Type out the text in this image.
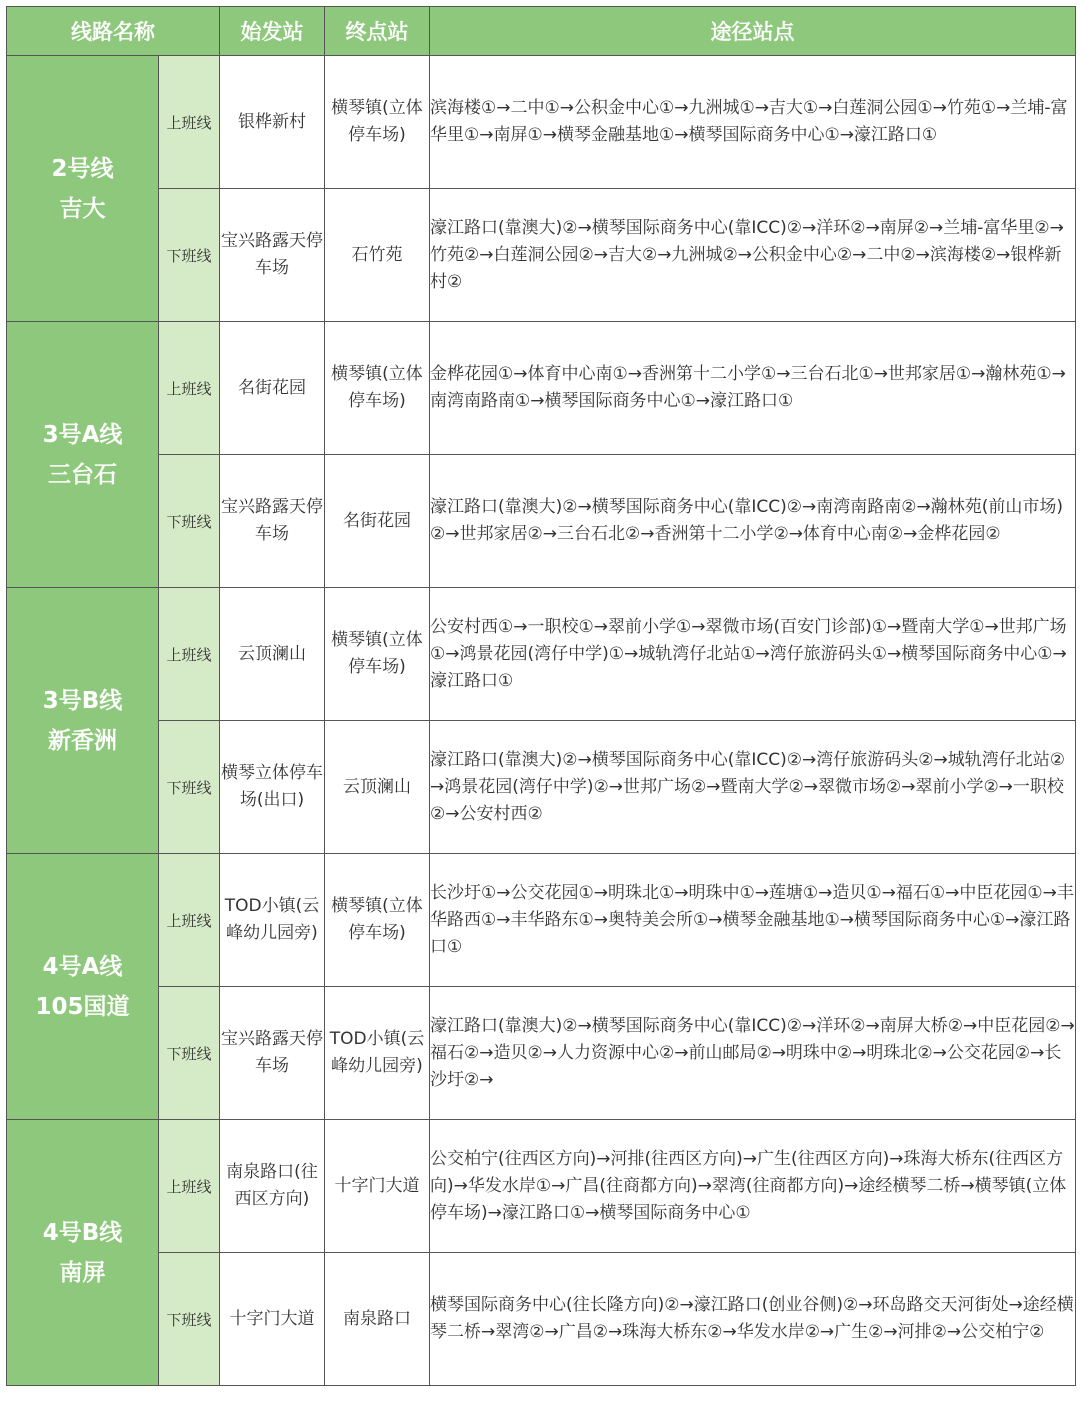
线路名称		始发站	终点站	途径站点

2号线
吉大	上班线	银桦新村	横琴镇(立体停车场)	滨海楼①→二中①→公积金中心①→九洲城①→吉大①→白莲洞公园①→竹苑①→兰埔-富华里①→南屏①→横琴金融基地①→横琴国际商务中心①→濠江路口①
	下班线	宝兴路露天停车场	石竹苑	濠江路口(靠澳大)②→横琴国际商务中心(靠ICC)②→洋环②→南屏②→兰埔-富华里②→竹苑②→白莲洞公园②→吉大②→九洲城②→公积金中心②→二中②→滨海楼②→银桦新村②

3号A线
三台石	上班线	名街花园	横琴镇(立体停车场)	金桦花园①→体育中心南①→香洲第十二小学①→三台石北①→世邦家居①→瀚林苑①→南湾南路南①→横琴国际商务中心①→濠江路口①
	下班线	宝兴路露天停车场	名街花园	濠江路口(靠澳大)②→横琴国际商务中心(靠ICC)②→南湾南路南②→瀚林苑(前山市场)②→世邦家居②→三台石北②→香洲第十二小学②→体育中心南②→金桦花园②

3号B线
新香洲	上班线	云顶澜山	横琴镇(立体停车场)	公安村西①→一职校①→翠前小学①→翠微市场(百安门诊部)①→暨南大学①→世邦广场①→鸿景花园(湾仔中学)①→城轨湾仔北站①→湾仔旅游码头①→横琴国际商务中心①→濠江路口①
	下班线	横琴立体停车场(出口)	云顶澜山	濠江路口(靠澳大)②→横琴国际商务中心(靠ICC)②→湾仔旅游码头②→城轨湾仔北站②→鸿景花园(湾仔中学)②→世邦广场②→暨南大学②→翠微市场②→翠前小学②→一职校②→公安村西②

4号A线
105国道	上班线	TOD小镇(云峰幼儿园旁)	横琴镇(立体停车场)	长沙圩①→公交花园①→明珠北①→明珠中①→莲塘①→造贝①→福石①→中臣花园①→丰华路西①→丰华路东①→奥特美会所①→横琴金融基地①→横琴国际商务中心①→濠江路口①
	下班线	宝兴路露天停车场	TOD小镇(云峰幼儿园旁)	濠江路口(靠澳大)②→横琴国际商务中心(靠ICC)②→洋环②→南屏大桥②→中臣花园②→福石②→造贝②→人力资源中心②→前山邮局②→明珠中②→明珠北②→公交花园②→长沙圩②→

4号B线
南屏	上班线	南泉路口(往西区方向)	十字门大道	公交柏宁(往西区方向)→河排(往西区方向)→广生(往西区方向)→珠海大桥东(往西区方向)→华发水岸①→广昌(往商都方向)→翠湾(往商都方向)→途经横琴二桥→横琴镇(立体停车场)→濠江路口①→横琴国际商务中心①
	下班线	十字门大道	南泉路口	横琴国际商务中心(往长隆方向)②→濠江路口(创业谷侧)②→环岛路交天河街处→途经横琴二桥→翠湾②→广昌②→珠海大桥东②→华发水岸②→广生②→河排②→公交柏宁②
